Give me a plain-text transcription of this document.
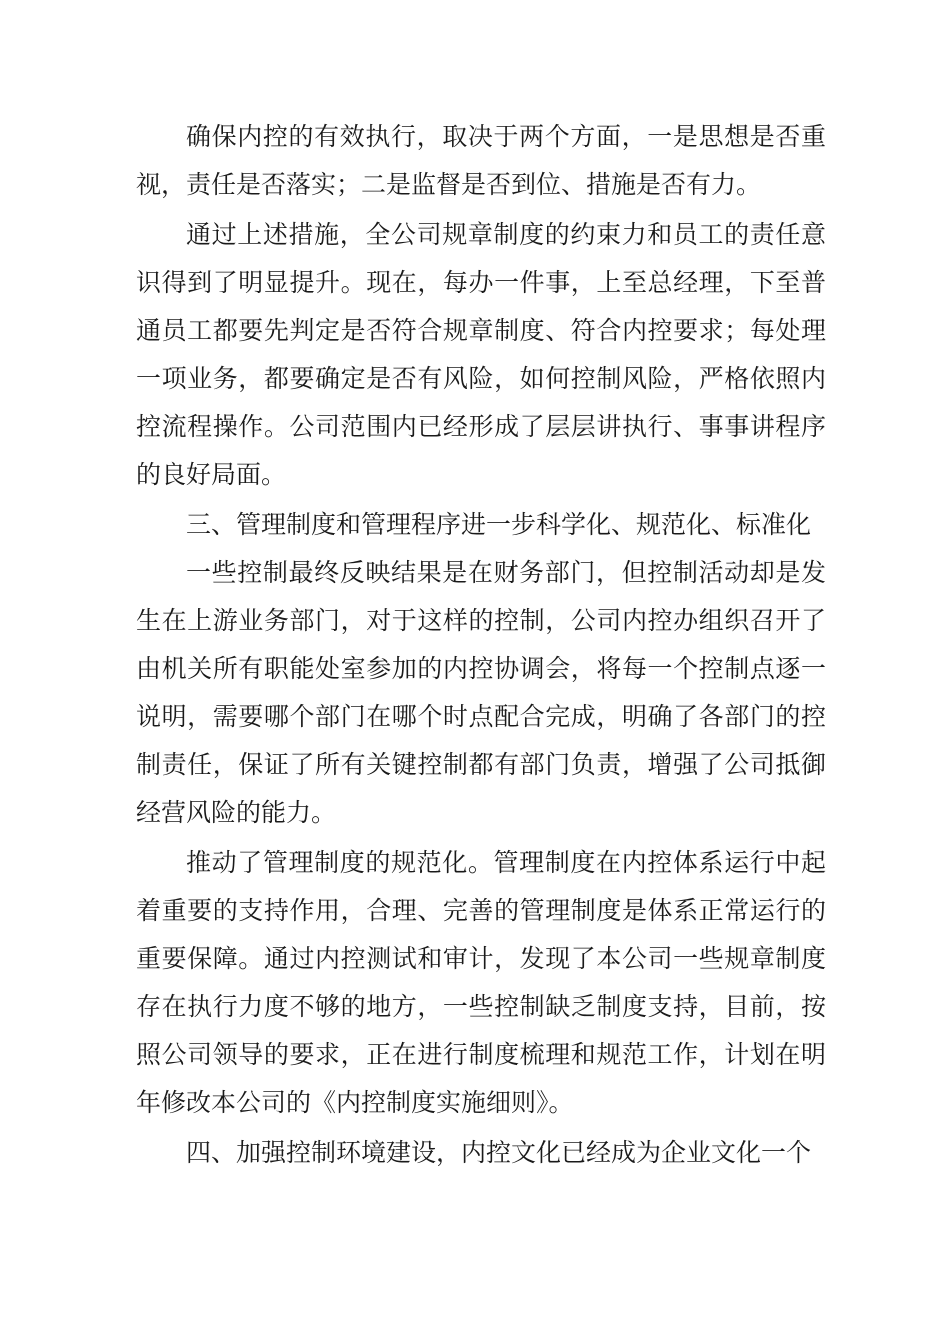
确保内控的有效执行，取决于两个方面，一是思想是否重
视，责任是否落实；二是监督是否到位、措施是否有力。
通过上述措施，全公司规章制度的约束力和员工的责任意
识得到了明显提升。现在，每办一件事，上至总经理，下至普
通员工都要先判定是否符合规章制度、符合内控要求；每处理
一项业务，都要确定是否有风险，如何控制风险，严格依照内
控流程操作。公司范围内已经形成了层层讲执行、事事讲程序
的良好局面。
三、管理制度和管理程序进一步科学化、规范化、标准化
一些控制最终反映结果是在财务部门，但控制活动却是发
生在上游业务部门，对于这样的控制，公司内控办组织召开了
由机关所有职能处室参加的内控协调会，将每一个控制点逐一
说明，需要哪个部门在哪个时点配合完成，明确了各部门的控
制责任，保证了所有关键控制都有部门负责，增强了公司抵御
经营风险的能力。
推动了管理制度的规范化。管理制度在内控体系运行中起
着重要的支持作用，合理、完善的管理制度是体系正常运行的
重要保障。通过内控测试和审计，发现了本公司一些规章制度
存在执行力度不够的地方，一些控制缺乏制度支持，目前，按
照公司领导的要求，正在进行制度梳理和规范工作，计划在明
年修改本公司的《内控制度实施细则》。
四、加强控制环境建设，内控文化已经成为企业文化一个
